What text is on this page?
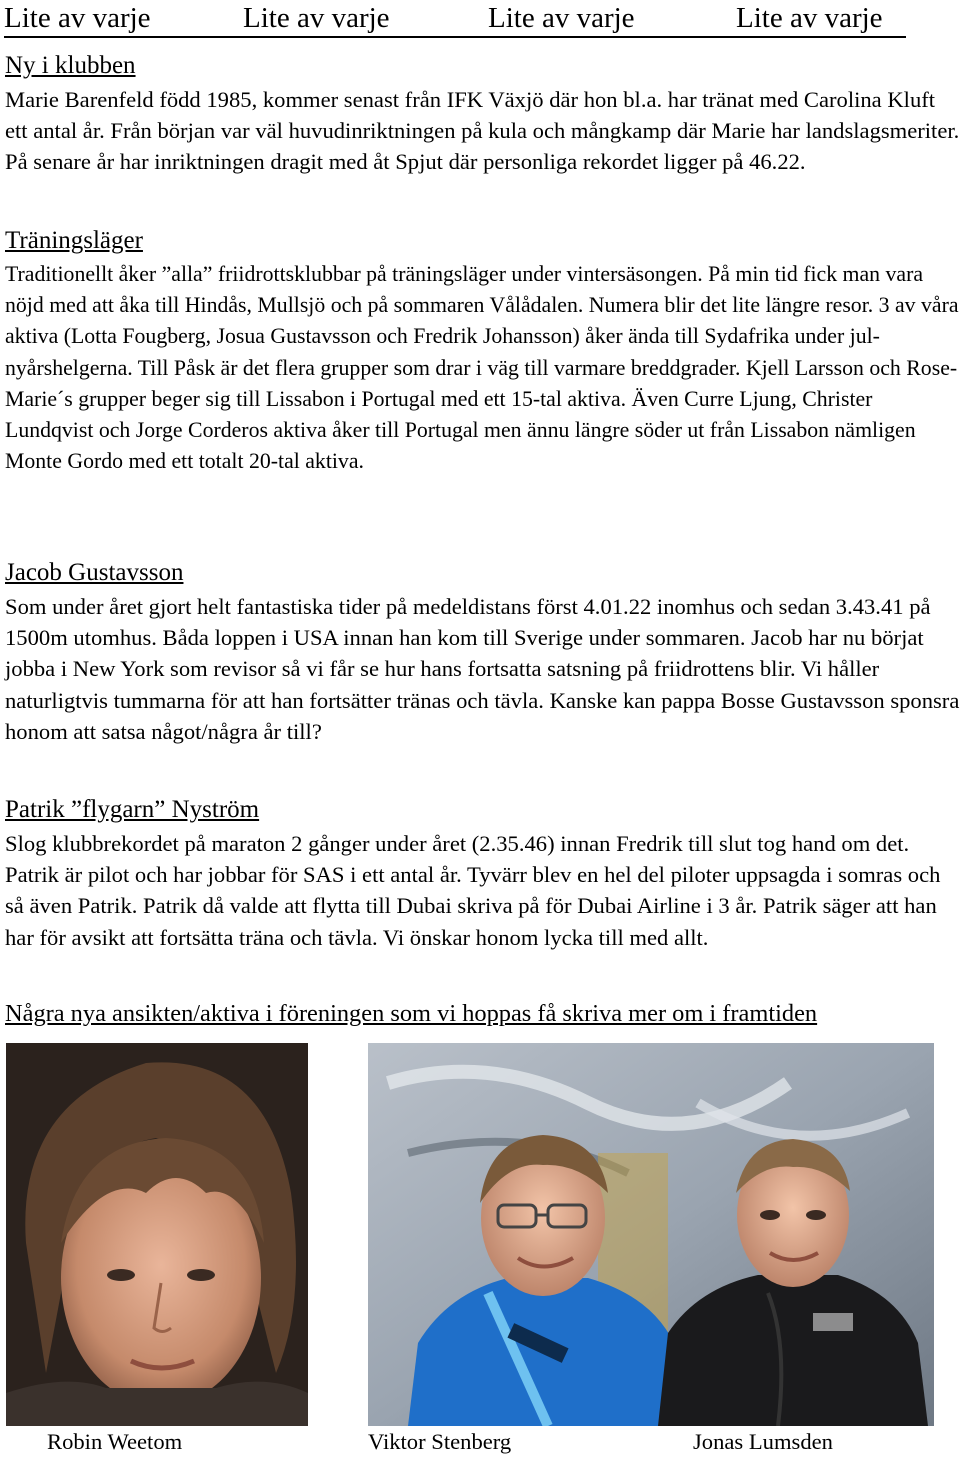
Lite av varje	Lite av varje	Lite av varje	Lite av varje
Ny i klubben
Marie Barenfeld född 1985, kommer senast från IFK Växjö där hon bl.a. har tränat med Carolina Kluft ett antal år. Från början var väl huvudinriktningen på kula och mångkamp där Marie har landslagsmeriter. På senare år har inriktningen dragit med åt Spjut där personliga rekordet ligger på 46.22.
Träningsläger
Traditionellt åker ”alla” friidrottsklubbar på träningsläger under vintersäsongen. På min tid fick man vara nöjd med att åka till Hindås, Mullsjö och på sommaren Vålådalen. Numera blir det lite längre resor. 3 av våra aktiva (Lotta Fougberg, Josua Gustavsson och Fredrik Johansson) åker ända till Sydafrika under jul-nyårshelgerna. Till Påsk är det flera grupper som drar i väg till varmare breddgrader. Kjell Larsson och Rose-Marie´s grupper beger sig till Lissabon i Portugal med ett 15-tal aktiva. Även Curre Ljung, Christer Lundqvist och Jorge Corderos aktiva åker till Portugal men ännu längre söder ut från Lissabon nämligen Monte Gordo med ett totalt 20-tal aktiva.
Jacob Gustavsson
Som under året gjort helt fantastiska tider på medeldistans först 4.01.22 inomhus och sedan 3.43.41 på 1500m utomhus. Båda loppen i USA innan han kom till Sverige under sommaren. Jacob har nu börjat jobba i New York som revisor så vi får se hur hans fortsatta satsning på friidrottens blir. Vi håller naturligtvis tummarna för att han fortsätter tränas och tävla. Kanske kan pappa Bosse Gustavsson sponsra honom att satsa något/några år till?
Patrik ”flygarn” Nyström
Slog klubbrekordet på maraton 2 gånger under året (2.35.46) innan Fredrik till slut tog hand om det. Patrik är pilot och har jobbar för SAS i ett antal år. Tyvärr blev en hel del piloter uppsagda i somras och så även Patrik. Patrik då valde att flytta till Dubai skriva på för Dubai Airline i 3 år. Patrik säger att han har för avsikt att fortsätta träna och tävla. Vi önskar honom lycka till med allt.
Några nya ansikten/aktiva i föreningen som vi hoppas få skriva mer om i framtiden
Robin Weetom	Viktor Stenberg	Jonas Lumsden
